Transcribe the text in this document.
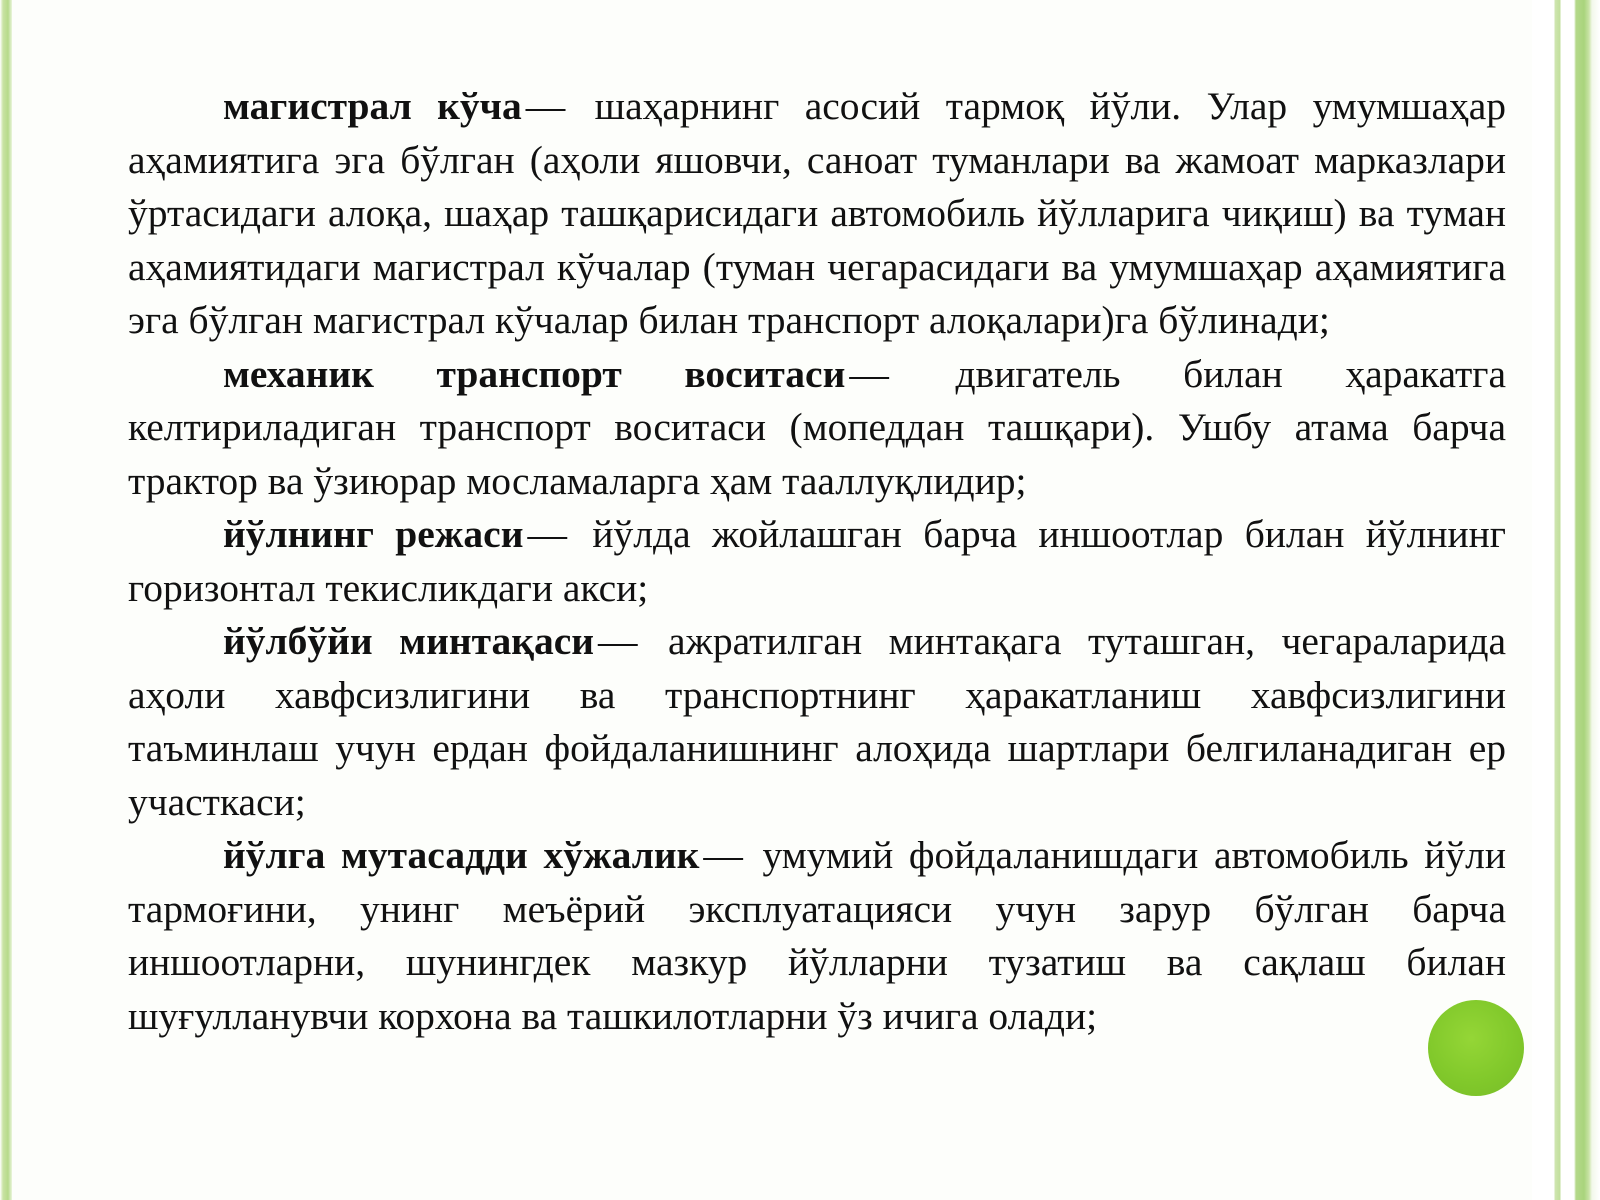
магистрал кўча — шаҳарнинг асосий тармоқ йўли. Улар умумшаҳар аҳамиятига эга бўлган (аҳоли яшовчи, саноат туманлари ва жамоат марказлари ўртасидаги алоқа, шаҳар ташқарисидаги автомобиль йўлларига чиқиш) ва туман аҳамиятидаги магистрал кўчалар (туман чегарасидаги ва умумшаҳар аҳамиятига эга бўлган магистрал кўчалар билан транспорт алоқалари)га бўлинади;

механик транспорт воситаси — двигатель билан ҳаракатга келтириладиган транспорт воситаси (мопеддан ташқари). Ушбу атама барча трактор ва ўзиюрар мосламаларга ҳам тааллуқлидир;

йўлнинг режаси — йўлда жойлашган барча иншоотлар билан йўлнинг горизонтал текисликдаги акси;

йўлбўйи минтақаси — ажратилган минтақага туташган, чегараларида аҳоли хавфсизлигини ва транспортнинг ҳаракатланиш хавфсизлигини таъминлаш учун ердан фойдаланишнинг алоҳида шартлари белгиланадиган ер участкаси;

йўлга мутасадди хўжалик — умумий фойдаланишдаги автомобиль йўли тармоғини, унинг меъёрий эксплуатацияси учун зарур бўлган барча иншоотларни, шунингдек мазкур йўлларни тузатиш ва сақлаш билан шуғулланувчи корхона ва ташкилотларни ўз ичига олади;
